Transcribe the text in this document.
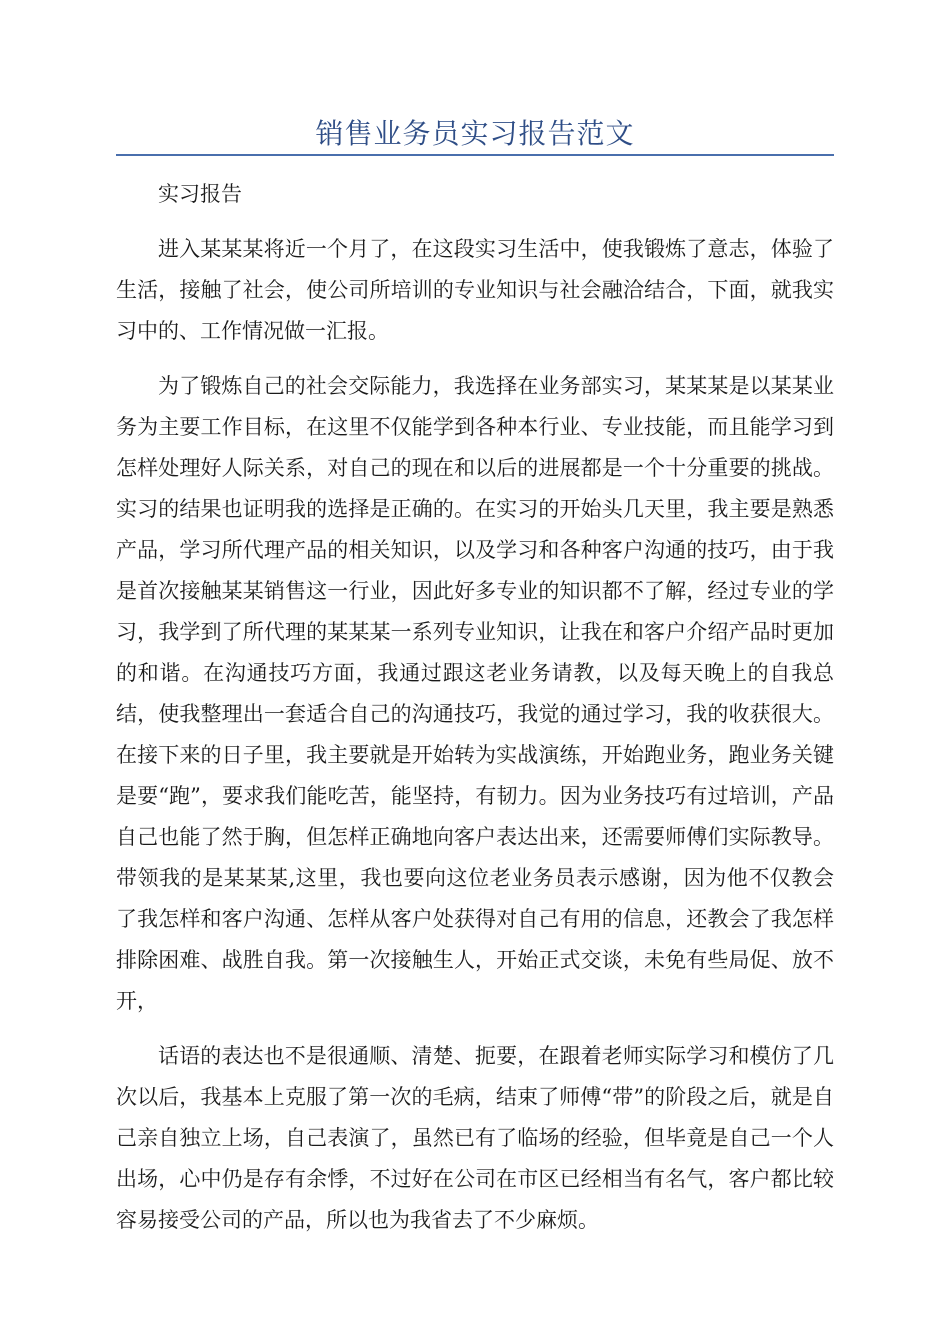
销售业务员实习报告范文

实习报告

进入某某某将近一个月了，在这段实习生活中，使我锻炼了意志，体验了生活，接触了社会，使公司所培训的专业知识与社会融洽结合，下面，就我实习中的、工作情况做一汇报。

为了锻炼自己的社会交际能力，我选择在业务部实习，某某某是以某某业务为主要工作目标，在这里不仅能学到各种本行业、专业技能，而且能学习到怎样处理好人际关系，对自己的现在和以后的进展都是一个十分重要的挑战。实习的结果也证明我的选择是正确的。在实习的开始头几天里，我主要是熟悉产品，学习所代理产品的相关知识，以及学习和各种客户沟通的技巧，由于我是首次接触某某销售这一行业，因此好多专业的知识都不了解，经过专业的学习，我学到了所代理的某某某一系列专业知识，让我在和客户介绍产品时更加的和谐。在沟通技巧方面，我通过跟这老业务请教，以及每天晚上的自我总结，使我整理出一套适合自己的沟通技巧，我觉的通过学习，我的收获很大。在接下来的日子里，我主要就是开始转为实战演练，开始跑业务，跑业务关键是要“跑”，要求我们能吃苦，能坚持，有韧力。因为业务技巧有过培训，产品自己也能了然于胸，但怎样正确地向客户表达出来，还需要师傅们实际教导。带领我的是某某某,这里，我也要向这位老业务员表示感谢，因为他不仅教会了我怎样和客户沟通、怎样从客户处获得对自己有用的信息，还教会了我怎样排除困难、战胜自我。第一次接触生人，开始正式交谈，未免有些局促、放不开，

话语的表达也不是很通顺、清楚、扼要，在跟着老师实际学习和模仿了几次以后，我基本上克服了第一次的毛病，结束了师傅“带”的阶段之后，就是自己亲自独立上场，自己表演了，虽然已有了临场的经验，但毕竟是自己一个人出场，心中仍是存有余悸，不过好在公司在市区已经相当有名气，客户都比较容易接受公司的产品，所以也为我省去了不少麻烦。
